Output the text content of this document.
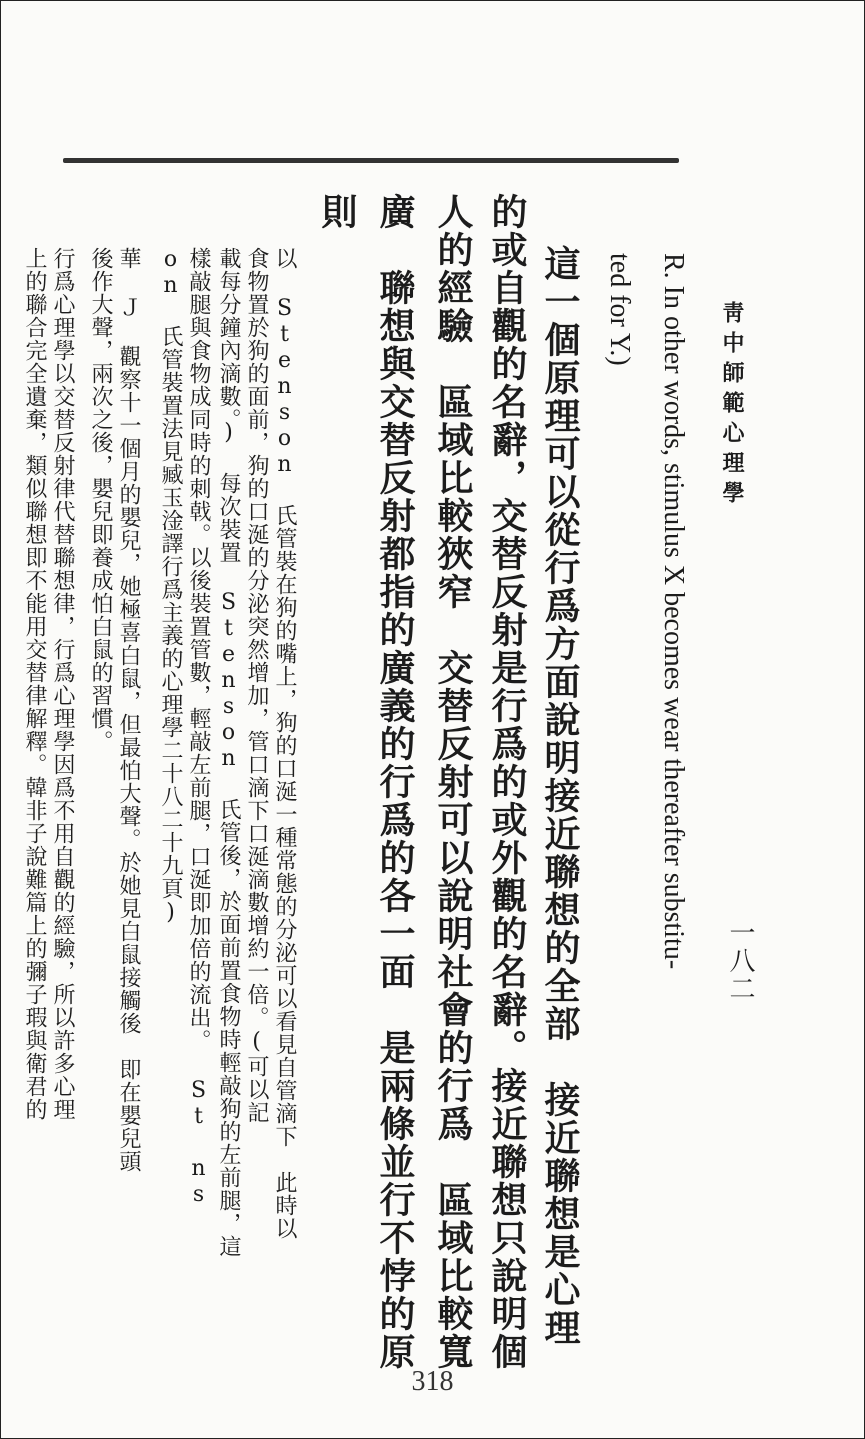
靑中師範心理學
一八二
R. In other words, stimulus X becomes wear thereafter substitu-
ted for Y.)
這一個原理可以從行爲方面說明接近聯想的全部　接近聯想是心理
的或自觀的名辭，交替反射是行爲的或外觀的名辭。接近聯想只說明個
人的經驗　區域比較狹窄　交替反射可以說明社會的行爲　區域比較寬
廣　聯想與交替反射都指的廣義的行爲的各一面　是兩條並行不悖的原
則
以 Stenson 氏管裝在狗的嘴上，狗的口涎一種常態的分泌可以看見自管滴下　此時以
食物置於狗的面前，狗的口涎的分泌突然增加，管口滴下口涎滴數增約一倍。(可以記
載每分鐘內滴數。) 每次裝置 Stenson 氏管後，於面前置食物時輕敲狗的左前腿，這
樣敲腿與食物成同時的刺戟。以後裝置管數，輕敲左前腿，口涎即加倍的流出。 St ns
on 氏管裝置法見臧玉淦譯行爲主義的心理學二十八二十九頁)
華 Ｊ 觀察十一個月的嬰兒，她極喜白鼠，但最怕大聲。於她見白鼠接觸後　即在嬰兒頭
後作大聲，兩次之後，嬰兒即養成怕白鼠的習慣。
行爲心理學以交替反射律代替聯想律，行爲心理學因爲不用自觀的經驗，所以許多心理
上的聯合完全遺棄，類似聯想即不能用交替律解釋。韓非子說難篇上的彌子瑕與衛君的
318
